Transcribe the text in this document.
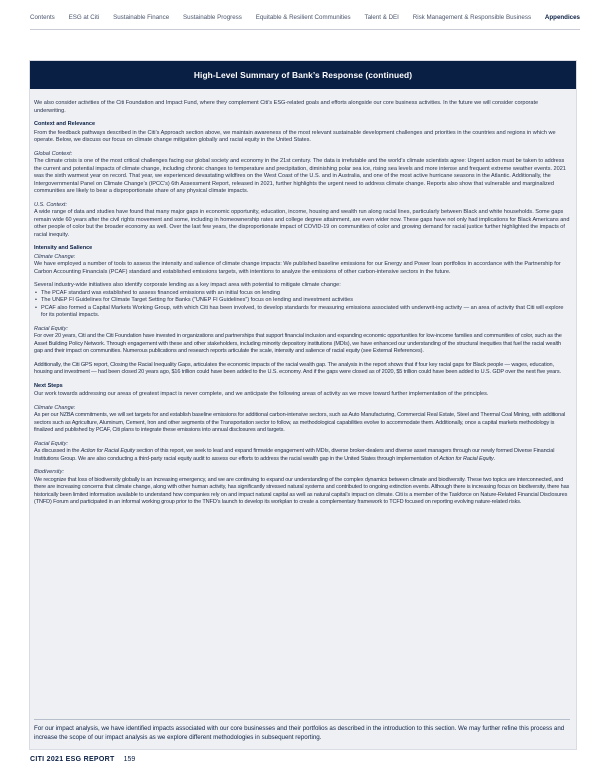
Contents ESG at Citi Sustainable Finance Sustainable Progress Equitable & Resilient Communities Talent & DEI Risk Management & Responsible Business Appendices
High-Level Summary of Bank’s Response (continued)

We also consider activities of the Citi Foundation and Impact Fund, where they complement Citi’s ESG-related goals and efforts alongside our core business activities. In the future we will consider corporate underwriting.

Context and Relevance

From the feedback pathways described in the Citi’s Approach section above, we maintain awareness of the most relevant sustainable development challenges and priorities in the countries and regions in which we operate. Below, we discuss our focus on climate change mitigation globally and racial equity in the United States.

Global Context:

The climate crisis is one of the most critical challenges facing our global society and economy in the 21st century. The data is irrefutable and the world’s climate scientists agree: Urgent action must be taken to address the current and potential impacts of climate change, including chronic changes to temperature and precipitation, diminishing polar sea ice, rising sea levels and more intense and frequent extreme weather events. 2021 was the sixth warmest year on record. That year, we experienced devastating wildfires on the West Coast of the U.S. and in Australia, and one of the most active hurricane seasons in the Atlantic. Additionally, the Intergovernmental Panel on Climate Change’s (IPCC’s) 6th Assessment Report, released in 2021, further highlights the urgent need to address climate change. Reports also show that vulnerable and marginalized communities are likely to bear a disproportionate share of any physical climate impacts.

U.S. Context:

A wide range of data and studies have found that many major gaps in economic opportunity, education, income, housing and wealth run along racial lines, particularly between Black and white households. Some gaps remain wide 60 years after the civil rights movement and some, including in homeownership rates and college degree attainment, are even wider now. These gaps have not only had implications for Black Americans and other people of color but the broader economy as well. Over the last few years, the disproportionate impact of COVID-19 on communities of color and growing demand for racial justice further highlighted the impacts of racial inequity.

Intensity and Salience
Climate Change:

We have employed a number of tools to assess the intensity and salience of climate change impacts: We published baseline emissions for our Energy and Power loan portfolios in accordance with the Partnership for Carbon Accounting Financials (PCAF) standard and established emissions targets, with intentions to analyze the emissions of other carbon-intensive sectors in the future.

Several industry-wide initiatives also identify corporate lending as a key impact area with potential to mitigate climate change:
• The PCAF standard was established to assess financed emissions with an initial focus on lending
• The UNEP FI Guidelines for Climate Target Setting for Banks (“UNEP FI Guidelines”) focus on lending and investment activities
• PCAF also formed a Capital Markets Working Group, with which Citi has been involved, to develop standards for measuring emissions associated with underwrit-ing activity — an area of activity that Citi will explore for its potential impacts.
Racial Equity:

For over 20 years, Citi and the Citi Foundation have invested in organizations and partnerships that support financial inclusion and expanding economic opportunities for low-income families and communities of color, such as the Asset Building Policy Network. Through engagement with these and other stakeholders, including minority depository institutions (MDIs), we have enhanced our understanding of the structural inequities that fuel the racial wealth gap and their impact on communities. Numerous publications and research reports articulate the scale, intensity and salience of racial equity (see External References).

Additionally, the Citi GPS report, Closing the Racial Inequality Gaps, articulates the economic impacts of the racial wealth gap. The analysis in the report shows that if four key racial gaps for Black people — wages, education, housing and investment — had been closed 20 years ago, $16 trillion could have been added to the U.S. economy. And if the gaps were closed as of 2020, $5 trillion could have been added to U.S. GDP over the next five years.

Next Steps

Our work towards addressing our areas of greatest impact is never complete, and we anticipate the following areas of activity as we move toward further implementation of the principles.

Climate Change:

As per our NZBA commitments, we will set targets for and establish baseline emissions for additional carbon-intensive sectors, such as Auto Manufacturing, Commercial Real Estate, Steel and Thermal Coal Mining, with additional sectors such as Agriculture, Aluminum, Cement, Iron and other segments of the Transportation sector to follow, as methodological capabilities evolve to accommodate them. Additionally, once a capital markets methodology is finalized and published by PCAF, Citi plans to integrate these emissions into annual disclosures and targets.

Racial Equity:

As discussed in the Action for Racial Equity section of this report, we seek to lead and expand firmwide engagement with MDIs, diverse broker-dealers and diverse asset managers through our newly formed Diverse Financial Institutions Group. We are also conducting a third-party racial equity audit to assess our efforts to address the racial wealth gap in the United States through implementation of Action for Racial Equity.

Biodiversity:

We recognize that loss of biodiversity globally is an increasing emergency, and we are continuing to expand our understanding of the complex dynamics between climate and biodiversity. These two topics are interconnected, and there are increasing concerns that climate change, along with other human activity, has significantly stressed natural systems and contributed to ongoing extinction events. Although there is increasing focus on biodiversity, there has historically been limited information available to understand how companies rely on and impact natural capital as well as natural capital’s impact on climate. Citi is a member of the Taskforce on Nature-Related Financial Disclosures (TNFD) Forum and participated in an informal working group prior to the TNFD’s launch to develop its workplan to create a complementary framework to TCFD focused on reporting evolving nature-related risks.

For our impact analysis, we have identified impacts associated with our core businesses and their portfolios as described in the introduction to this section. We may further refine this process and increase the scope of our impact analysis as we explore different methodologies in subsequent reporting.
CITI 2021 ESG REPORT 159
